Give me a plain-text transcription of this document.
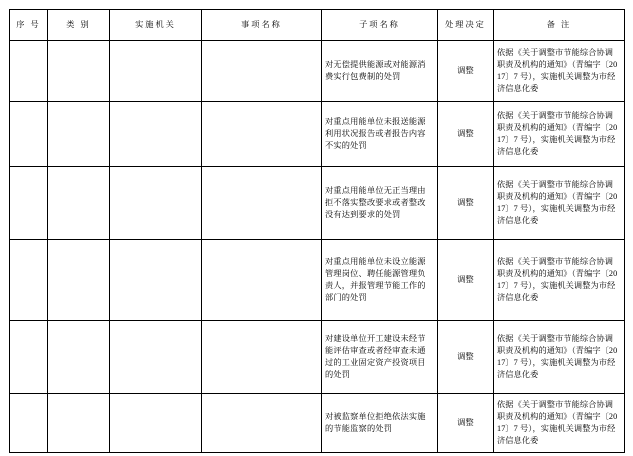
序 号	类 别	实施机关	事项名称	子项名称	处理决定	备 注
				对无偿提供能源或对能源消费实行包费制的处罚	调整	依据《关于调整市节能综合协调职责及机构的通知》（青编字〔2017〕7 号），实施机关调整为市经济信息化委
				对重点用能单位未报送能源利用状况报告或者报告内容不实的处罚	调整	依据《关于调整市节能综合协调职责及机构的通知》（青编字〔2017〕7 号），实施机关调整为市经济信息化委
				对重点用能单位无正当理由拒不落实整改要求或者整改没有达到要求的处罚	调整	依据《关于调整市节能综合协调职责及机构的通知》（青编字〔2017〕7 号），实施机关调整为市经济信息化委
				对重点用能单位未设立能源管理岗位、聘任能源管理负责人，并报管理节能工作的部门的处罚	调整	依据《关于调整市节能综合协调职责及机构的通知》（青编字〔2017〕7 号），实施机关调整为市经济信息化委
				对建设单位开工建设未经节能评估审查或者经审查未通过的工业固定资产投资项目的处罚	调整	依据《关于调整市节能综合协调职责及机构的通知》（青编字〔2017〕7 号），实施机关调整为市经济信息化委
				对被监察单位拒绝依法实施的节能监察的处罚	调整	依据《关于调整市节能综合协调职责及机构的通知》（青编字〔2017〕7 号），实施机关调整为市经济信息化委
